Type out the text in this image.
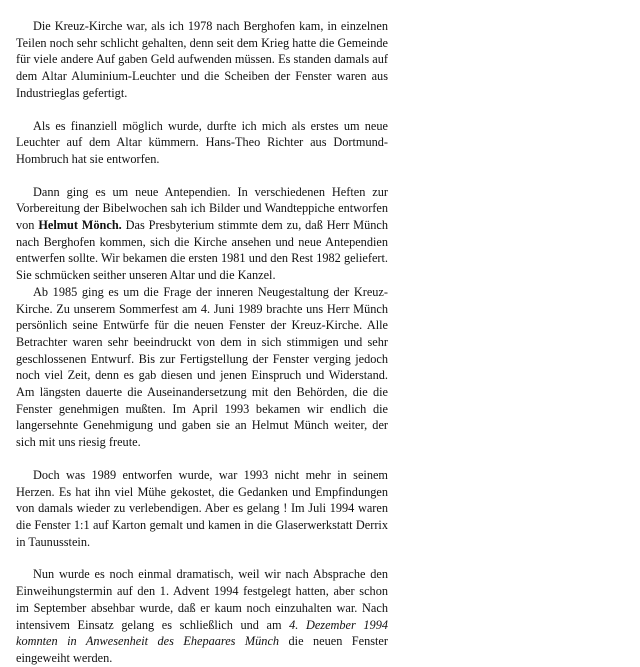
Die Kreuz-Kirche war, als ich 1978 nach Berghofen kam, in einzelnen Teilen noch sehr schlicht gehalten, denn seit dem Krieg hatte die Gemeinde für viele andere Auf gaben Geld aufwenden müssen. Es standen damals auf dem Altar Aluminium-Leuchter und die Scheiben der Fenster waren aus Industrieglas gefertigt.

Als es finanziell möglich wurde, durfte ich mich als erstes um neue Leuchter auf dem Altar kümmern. Hans-Theo Richter aus Dortmund-Hombruch hat sie entworfen.

Dann ging es um neue Antependien. In verschiedenen Heften zur Vorbereitung der Bibelwochen sah ich Bilder und Wandteppiche entworfen von Helmut Mönch. Das Presbyterium stimmte dem zu, daß Herr Münch nach Berghofen kommen, sich die Kirche ansehen und neue Antependien entwerfen sollte. Wir bekamen die ersten 1981 und den Rest 1982 geliefert. Sie schmücken seither unseren Altar und die Kanzel.

Ab 1985 ging es um die Frage der inneren Neugestaltung der Kreuz-Kirche. Zu unserem Sommerfest am 4. Juni 1989 brachte uns Herr Münch persönlich seine Entwürfe für die neuen Fenster der Kreuz-Kirche. Alle Betrachter waren sehr beeindruckt von dem in sich stimmigen und sehr geschlossenen Entwurf. Bis zur Fertigstellung der Fenster verging jedoch noch viel Zeit, denn es gab diesen und jenen Einspruch und Widerstand. Am längsten dauerte die Auseinandersetzung mit den Behörden, die die Fenster genehmigen mußten. Im April 1993 bekamen wir endlich die langersehnte Genehmigung und gaben sie an Helmut Münch weiter, der sich mit uns riesig freute.

Doch was 1989 entworfen wurde, war 1993 nicht mehr in seinem Herzen. Es hat ihn viel Mühe gekostet, die Gedanken und Empfindungen von damals wieder zu verlebendigen. Aber es gelang ! Im Juli 1994 waren die Fenster 1:1 auf Karton gemalt und kamen in die Glaserwerkstatt Derrix in Taunusstein.

Nun wurde es noch einmal dramatisch, weil wir nach Absprache den Einweihungstermin auf den 1. Advent 1994 festgelegt hatten, aber schon im September absehbar wurde, daß er kaum noch einzuhalten war. Nach intensivem Einsatz gelang es schließlich und am 4. Dezember 1994 komnten in Anwesenheit des Ehepaares Münch die neuen Fenster eingeweiht werden.
